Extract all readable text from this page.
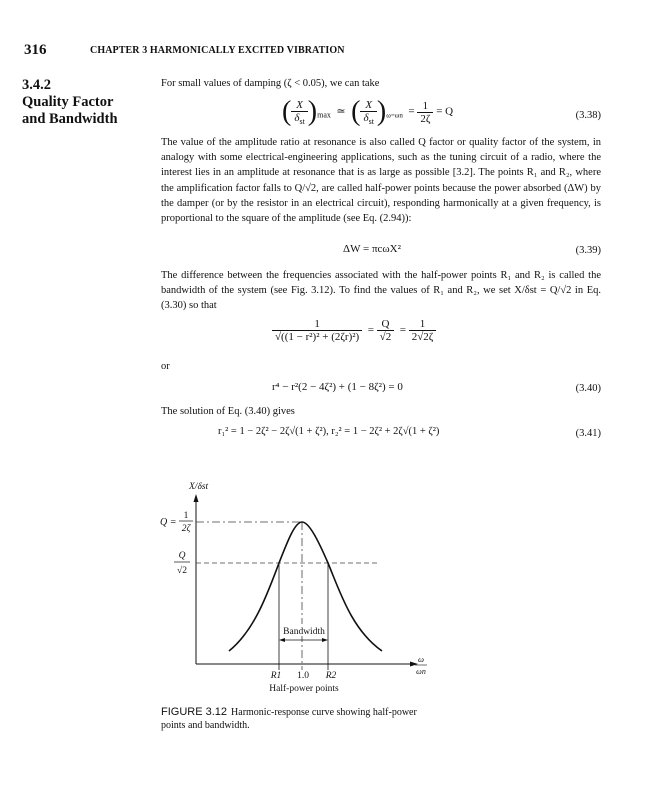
316	CHAPTER 3 HARMONICALLY EXCITED VIBRATION
3.4.2
Quality Factor
and Bandwidth
For small values of damping (ζ < 0.05), we can take
( $\frac{X}{\delta_{st}} )_{max}$  ≃  ( $\frac{X}{\delta_{st}} )_{\omega=\omega n} = \frac{1}{2\zeta} = Q$	(3.38)
The value of the amplitude ratio at resonance is also called Q factor or quality factor of the system, in analogy with some electrical-engineering applications, such as the tuning circuit of a radio, where the interest lies in an amplitude at resonance that is as large as possible [3.2]. The points R₁ and R₂, where the amplification factor falls to Q/√2, are called half-power points because the power absorbed (ΔW) by the damper (or by the resistor in an electrical circuit), responding harmonically at a given frequency, is proportional to the square of the amplitude (see Eq. (2.94)):
ΔW = πcωX²	(3.39)
The difference between the frequencies associated with the half-power points R₁ and R₂ is called the bandwidth of the system (see Fig. 3.12). To find the values of R₁ and R₂, we set X/δst = Q/√2 in Eq. (3.30) so that
$\frac{1}{\text{√((1 − r²)² + (2ζr)²)}} = \frac{Q}{√2} = \frac{1}{2√2\zeta}$
or
r⁴ − r²(2 − 4ζ²) + (1 − 8ζ²) = 0	(3.40)
The solution of Eq. (3.40) gives
r₁² = 1 − 2ζ² − 2ζ√(1 + ζ²), r₂² = 1 − 2ζ² + 2ζ√(1 + ζ²)	(3.41)
Bandwidth
X/δst
Q =
1
2ζ
Q
√2
R1 1.0 R2
ω
ωn
Half-power points
FIGURE 3.12 Harmonic-response curve showing half-power points and bandwidth.
